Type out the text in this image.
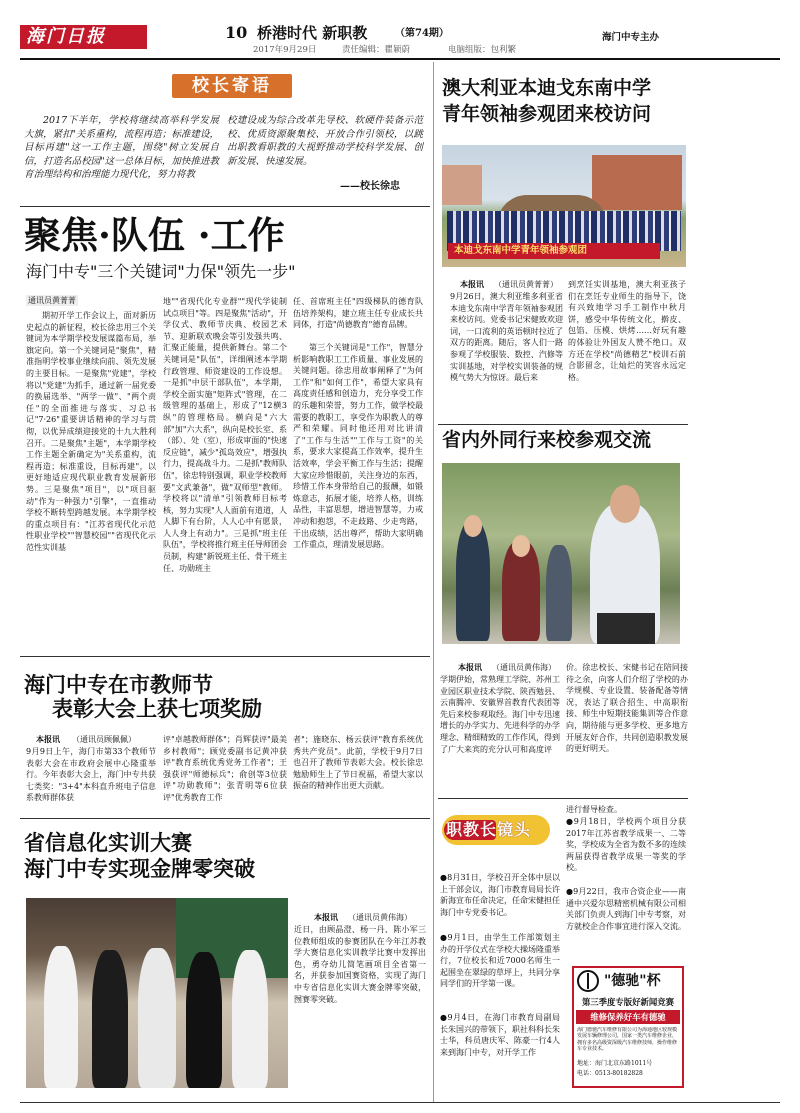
海门日报	10 桥港时代 新职教	（第74期）
2017年9月29日	责任编辑：瞿颖蔚	电脑组版：包利繁
海门中专主办
校长寄语
2017下半年，学校将继续高举科学发展大旗，紧扣"关系重构，流程再造；标准建设，目标再建"这一工作主题，围绕"树立发展自信，打造名品校园"这一总体目标，加快推进教育治理结构和治理能力现代化，努力将教
校建设成为综合改革先导校、软硬件装备示范校、优质资源聚集校、开放合作引领校，以跳出职教看职教的大视野推动学校科学发展、创新发展、快速发展。
——校长徐忠
聚焦·队伍 ·工作
海门中专"三个关键词"力保"领先一步"
通讯员黄菁菁
期初开学工作会议上，面对新历史起点的新征程，校长徐忠用三个关键词为本学期学校发展谋篇布局，举旗定向。第一个关键词是"聚焦"，精准指明学校事业继续向前、领先发展的主要目标。一是聚焦"党建"，学校将以"党建"为抓手，通过新一届党委的换届选举、"两学一做"、"两个责任"的全面推进与落实、习总书记"7·26"重要讲话精神的学习与贯彻，以优异成绩迎接党的十九大胜利召开。二是聚焦"主题"，本学期学校工作主题全新确定为"关系重构，流程再造；标准重设，目标再建"，以更好地适应现代职业教育发展新形势。三是聚焦"项目"，以"项目驱动"作为一种强力"引擎"，一直推动学校不断转型跨越发展。本学期学校的重点项目有："江苏省现代化示范性职业学校""智慧校园""省现代化示范性实训基
地""省现代化专业群""现代学徒制试点项目"等。四是聚焦"活动"，开学仪式、教师节庆典、校园艺术节、迎新联欢晚会等引发强共鸣、汇聚正能量，提供新舞台。第二个关键词是"队伍"，详细阐述本学期行政管理、师资建设的工作设想。一是抓"中层干部队伍"，本学期，学校全面实施"矩阵式"管理，在二级管理的基础上，形成了"12横3纵"的管理格局。横向是"六大部"加"六大系"，纵向是校长室、系（部）、处（室），形成审面的"快速反应链"，减少"孤岛效应"，增强执行力，提高战斗力。二是抓"教师队伍"，徐忠特别强调，职业学校教师要"文武兼备"，做"双师型"教师。学校将以"清单"引领教师目标考核，努力实现"人人面前有道道，人人脚下有台阶，人人心中有愿景，人人身上有动力"。三是抓"班主任队伍"，学校将推行班主任导师团会员制，构建"新锐班主任、骨干班主任、功勋班主
任、首席班主任"四级梯队的德育队伍培养架构，建立班主任专业成长共同体，打造"尚德教育"德育品牌。
第三个关键词是"工作"，智慧分析影响教职工工作质量、事业发展的关键问题。徐忠用故事阐释了"为何工作"和"如何工作"，希望大家具有高度责任感和创造力，充分享受工作的乐趣和荣誉，努力工作，做学校最需要的教职工，享受作为职教人的尊严和荣耀。同时他还用对比讲清了"工作与生活""工作与工资"的关系，要求大家提高工作效率，提升生活效率，学会平衡工作与生活；提醒大家应珍惜眼前，关注身边的东西，珍惜工作本身带给自己的报酬，如锻炼意志，拓展才能，培养人格，训练品性，丰富思想，增进智慧等，力戒冲动和抱怨，不走歧路、少走弯路，干出成绩，活出尊严，帮助大家明确工作重点，理清发展思路。
澳大利亚本迪戈东南中学
青年领袖参观团来校访问
本迪戈东南中学青年领袖参观团
本报讯 （通讯员黄菁菁）
9月26日，澳大利亚维多利亚省本迪戈东南中学青年领袖参观团来校访问。党委书记宋健致欢迎词，一口流利的英语顿时拉近了双方的距离。随后，客人们一路参观了学校服装、数控、汽修等实训基地，对学校实训装备的规模气势大为惊讶。最后来
到烹饪实训基地，澳大利亚孩子们在烹饪专业师生的指导下，饶有兴致地学习手工制作中秋月饼，感受中华传统文化，擀皮、包馅、压模、烘烤……好玩有趣的体验让外国友人赞不绝口。双方还在学校"尚德精艺"校训石前合影留念，让灿烂的笑容永远定格。
省内外同行来校参观交流
本报讯 （通讯员黄伟海）
学期伊始，常熟理工学院、苏州工业园区职业技术学院、陕西勉县、云南腾冲、安徽界首教育代表团等先后来校参观取经。海门中专迅速增长的办学实力、先进科学的办学理念、精细精致的工作作风，得到了广大来宾的充分认可和高度评
价。徐忠校长、宋健书记在陪同接待之余，向客人们介绍了学校的办学规模、专业设置、装备配备等情况，表达了联合招生、中高职衔接、师生中短期技能集训等合作意向，期待能与更多学校、更多地方开展友好合作，共同创造职教发展的更好明天。
海门中专在市教师节
表彰大会上获七项奖励
本报讯 （通讯员顾佩佩）
9月9日上午，海门市第33个教师节表彰大会在市政府会展中心隆重举行。今年表彰大会上，海门中专共获七类奖："3+4"本科直升班电子信息系教师群体获
评"卓越教师群体"；肖辉获评"最美乡村教师"；顾党委副书记黄冲获评"教育系统优秀党务工作者"；王强获评"师德标兵"；俞创等3位获评"功勋教师"；张青明等6位获评"优秀教育工作
者"；施晓东、杨云获评"教育系统优秀共产党员"。此前，学校于9月7日也召开了教师节表彰大会。校长徐忠勉励师生上了节日祝福，希望大家以振奋的精神作出更大贡献。
省信息化实训大赛
海门中专实现金牌零突破
本报讯 （通讯员黄伟海）
近日，由顾晶澄、杨一丹、陈小军三位教师组成的参赛团队在今年江苏教学大赛信息化实训教学比赛中发挥出色，勇夺幼儿简笔画项目全省第一名，并获参加国赛资格，实现了海门中专省信息化实训大赛金牌零突破，囫赛零突破。
进行督导检查。
●9月18日，学校两个项目分获2017年江苏省教学成果一、二等奖，学校成为全省为数不多的连续两届获得省教学成果一等奖的学校。
●9月22日，我市合资企业——南通中兴爱尔思精密机械有限公司相关部门负责人到海门中专考察，对方就校企合作事宜进行深入交流。
职教长镜头
●8月31日，学校召开全体中层以上干部会议，海门市教育局局长许新海宣布任命决定，任命宋健担任海门中专党委书记。
●9月1日，由学生工作部策划主办的开学仪式在学校大操场隆重举行，7位校长和近7000名师生一起围坐在翠绿的草坪上，共同分享同学们的开学第一课。
●9月4日，在海门市教育局副局长朱国兴的带领下，职社科科长朱士华，科员唐庆军、陈豪一行4人来到海门中专，对开学工作
"德驰"杯
第三季度专版好新闻竞赛
维修保养好车有德驰
海门德驰汽车维修有限公司为海通地区较规模发展车辆修理公司，国家一类汽车维修企业，拥有多名高级资深级汽车维修技师，操作维修车专业技术。
地址：海门北京东路1011号
电话：0513-80182828
